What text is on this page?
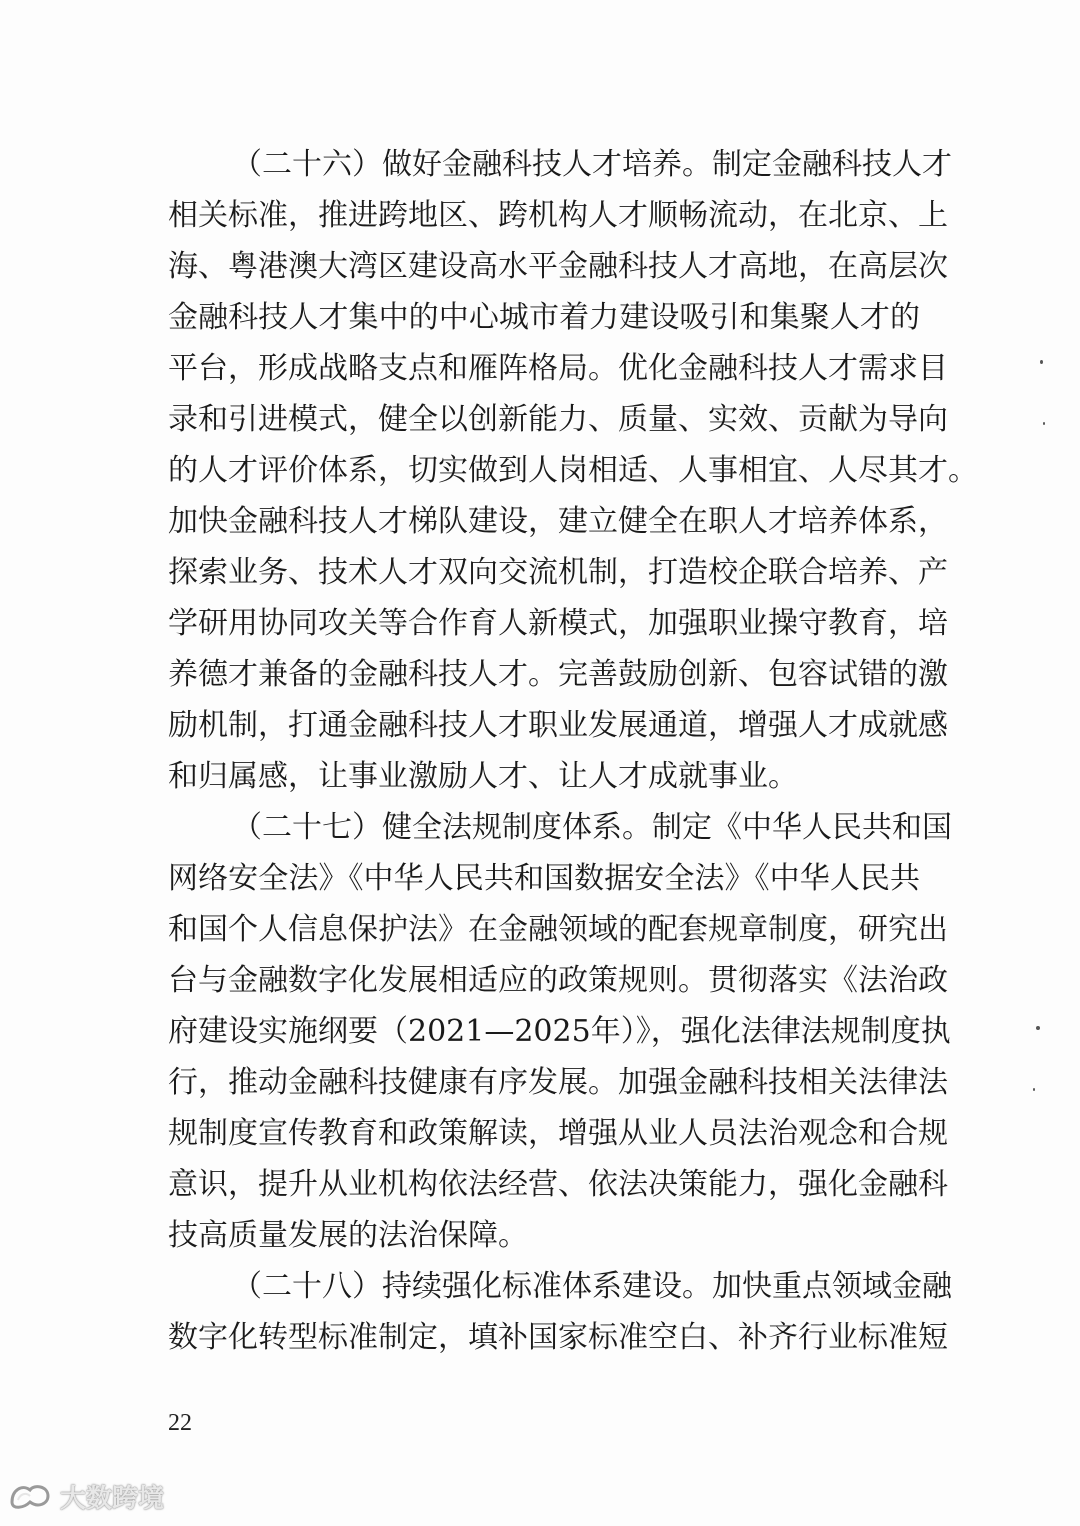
（二十六）做好金融科技人才培养。制定金融科技人才
相关标准，推进跨地区、跨机构人才顺畅流动，在北京、上
海、粤港澳大湾区建设高水平金融科技人才高地，在高层次
金融科技人才集中的中心城市着力建设吸引和集聚人才的
平台，形成战略支点和雁阵格局。优化金融科技人才需求目
录和引进模式，健全以创新能力、质量、实效、贡献为导向
的人才评价体系，切实做到人岗相适、人事相宜、人尽其才。
加快金融科技人才梯队建设，建立健全在职人才培养体系，
探索业务、技术人才双向交流机制，打造校企联合培养、产
学研用协同攻关等合作育人新模式，加强职业操守教育，培
养德才兼备的金融科技人才。完善鼓励创新、包容试错的激
励机制，打通金融科技人才职业发展通道，增强人才成就感
和归属感，让事业激励人才、让人才成就事业。
（二十七）健全法规制度体系。制定《中华人民共和国
网络安全法》《中华人民共和国数据安全法》《中华人民共
和国个人信息保护法》在金融领域的配套规章制度，研究出
台与金融数字化发展相适应的政策规则。贯彻落实《法治政
府建设实施纲要（2021—2025年）》，强化法律法规制度执
行，推动金融科技健康有序发展。加强金融科技相关法律法
规制度宣传教育和政策解读，增强从业人员法治观念和合规
意识，提升从业机构依法经营、依法决策能力，强化金融科
技高质量发展的法治保障。
（二十八）持续强化标准体系建设。加快重点领域金融
数字化转型标准制定，填补国家标准空白、补齐行业标准短
22
大数跨境
